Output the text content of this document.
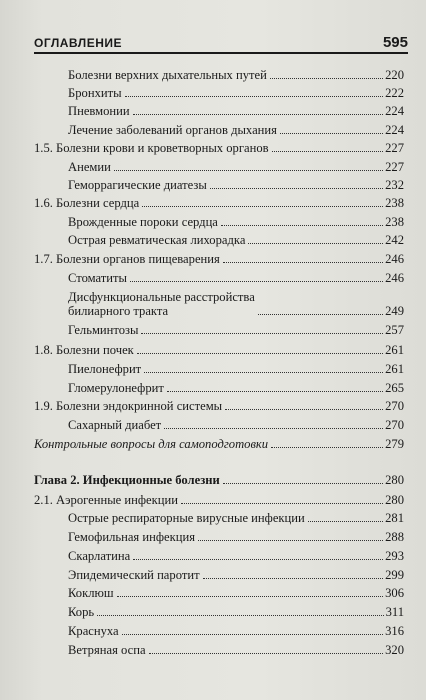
ОГЛАВЛЕНИЕ	595
Болезни верхних дыхательных путей	220
Бронхиты	222
Пневмонии	224
Лечение заболеваний органов дыхания	224
1.5. Болезни крови и кроветворных органов	227
Анемии	227
Геморрагические диатезы	232
1.6. Болезни сердца	238
Врожденные пороки сердца	238
Острая ревматическая лихорадка	242
1.7. Болезни органов пищеварения	246
Стоматиты	246
Дисфункциональные расстройства
билиарного тракта	249
Гельминтозы	257
1.8. Болезни почек	261
Пиелонефрит	261
Гломерулонефрит	265
1.9. Болезни эндокринной системы	270
Сахарный диабет	270
Контрольные вопросы для самоподготовки	279
Глава 2. Инфекционные болезни	280
2.1. Аэрогенные инфекции	280
Острые респираторные вирусные инфекции	281
Гемофильная инфекция	288
Скарлатина	293
Эпидемический паротит	299
Коклюш	306
Корь	311
Краснуха	316
Ветряная оспа	320
